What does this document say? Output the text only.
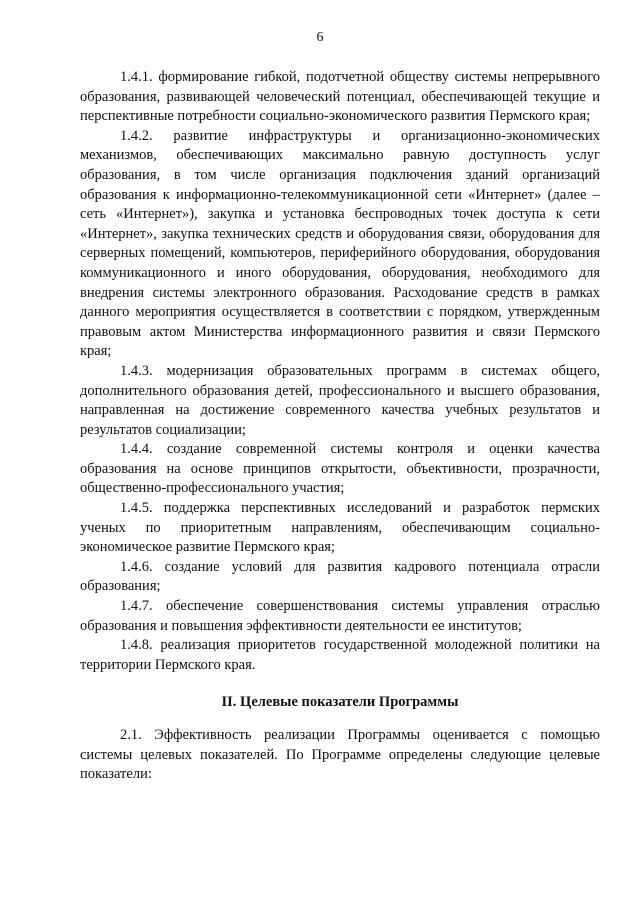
6

1.4.1. формирование гибкой, подотчетной обществу системы непрерывного образования, развивающей человеческий потенциал, обеспечивающей текущие и перспективные потребности социально-экономического развития Пермского края;

1.4.2. развитие инфраструктуры и организационно-экономических механизмов, обеспечивающих максимально равную доступность услуг образования, в том числе организация подключения зданий организаций образования к информационно-телекоммуникационной сети «Интернет» (далее – сеть «Интернет»), закупка и установка беспроводных точек доступа к сети «Интернет», закупка технических средств и оборудования связи, оборудования для серверных помещений, компьютеров, периферийного оборудования, оборудования коммуникационного и иного оборудования, оборудования, необходимого для внедрения системы электронного образования. Расходование средств в рамках данного мероприятия осуществляется в соответствии с порядком, утвержденным правовым актом Министерства информационного развития и связи Пермского края;

1.4.3. модернизация образовательных программ в системах общего, дополнительного образования детей, профессионального и высшего образования, направленная на достижение современного качества учебных результатов и результатов социализации;

1.4.4. создание современной системы контроля и оценки качества образования на основе принципов открытости, объективности, прозрачности, общественно-профессионального участия;

1.4.5. поддержка перспективных исследований и разработок пермских ученых по приоритетным направлениям, обеспечивающим социально-экономическое развитие Пермского края;

1.4.6. создание условий для развития кадрового потенциала отрасли образования;

1.4.7. обеспечение совершенствования системы управления отраслью образования и повышения эффективности деятельности ее институтов;

1.4.8. реализация приоритетов государственной молодежной политики на территории Пермского края.

II. Целевые показатели Программы

2.1. Эффективность реализации Программы оценивается с помощью системы целевых показателей. По Программе определены следующие целевые показатели:
